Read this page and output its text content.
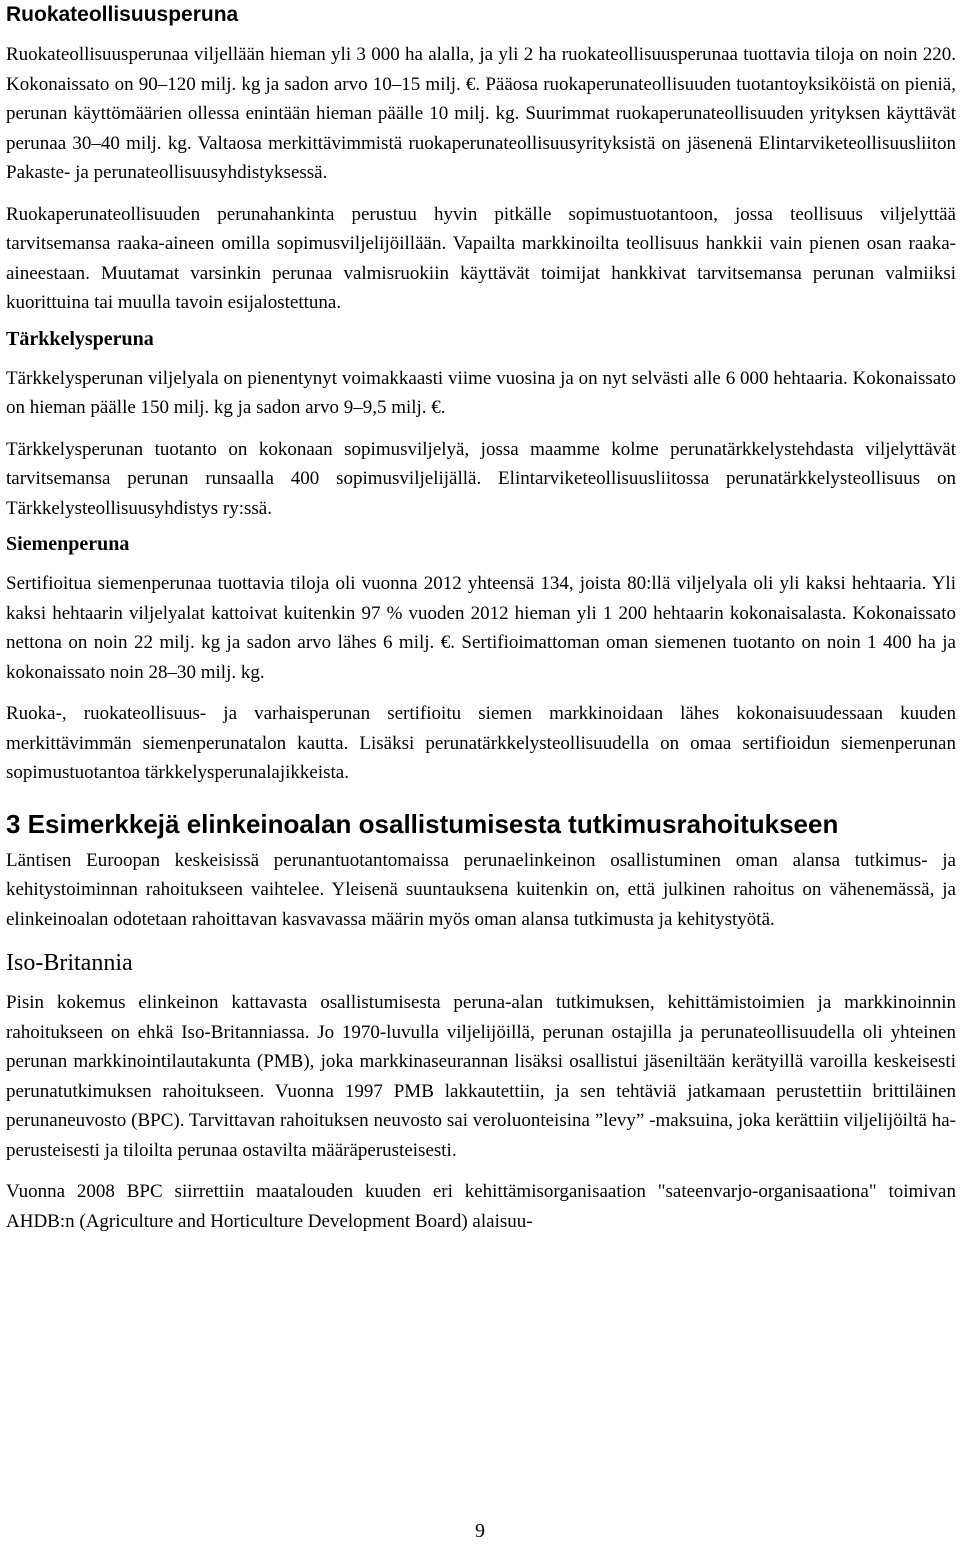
Ruokateollisuusperuna

Ruokateollisuusperunaa viljellään hieman yli 3 000 ha alalla, ja yli 2 ha ruokateollisuusperunaa tuottavia tiloja on noin 220. Kokonaissato on 90–120 milj. kg ja sadon arvo 10–15 milj. €. Pääosa ruokaperunateollisuuden tuotantoyksiköistä on pieniä, perunan käyttömäärien ollessa enintään hieman päälle 10 milj. kg. Suurimmat ruokaperunateollisuuden yrityksen käyttävät perunaa 30–40 milj. kg. Valtaosa merkittävimmistä ruokaperunateollisuusyrityksistä on jäsenenä Elintarviketeollisuusliiton Pakaste- ja perunateollisuusyhdistyksessä.

Ruokaperunateollisuuden perunahankinta perustuu hyvin pitkälle sopimustuotantoon, jossa teollisuus viljelyttää tarvitsemansa raaka-aineen omilla sopimusviljelijöillään. Vapailta markkinoilta teollisuus hankkii vain pienen osan raaka-aineestaan. Muutamat varsinkin perunaa valmisruokiin käyttävät toimijat hankkivat tarvitsemansa perunan valmiiksi kuorittuina tai muulla tavoin esijalostettuna.

Tärkkelysperuna

Tärkkelysperunan viljelyala on pienentynyt voimakkaasti viime vuosina ja on nyt selvästi alle 6 000 hehtaaria. Kokonaissato on hieman päälle 150 milj. kg ja sadon arvo 9–9,5 milj. €.

Tärkkelysperunan tuotanto on kokonaan sopimusviljelyä, jossa maamme kolme perunatärkkelystehdasta viljelyttävät tarvitsemansa perunan runsaalla 400 sopimusviljelijällä. Elintarviketeollisuusliitossa perunatärkkelysteollisuus on Tärkkelysteollisuusyhdistys ry:ssä.

Siemenperuna

Sertifioitua siemenperunaa tuottavia tiloja oli vuonna 2012 yhteensä 134, joista 80:llä viljelyala oli yli kaksi hehtaaria. Yli kaksi hehtaarin viljelyalat kattoivat kuitenkin 97 % vuoden 2012 hieman yli 1 200 hehtaarin kokonaisalasta. Kokonaissato nettona on noin 22 milj. kg ja sadon arvo lähes 6 milj. €. Sertifioimattoman oman siemenen tuotanto on noin 1 400 ha ja kokonaissato noin 28–30 milj. kg.

Ruoka-, ruokateollisuus- ja varhaisperunan sertifioitu siemen markkinoidaan lähes kokonaisuudessaan kuuden merkittävimmän siemenperunatalon kautta. Lisäksi perunatärkkelysteollisuudella on omaa sertifioidun siemenperunan sopimustuotantoa tärkkelysperunalajikkeista.

3 Esimerkkejä elinkeinoalan osallistumisesta tutkimusrahoitukseen

Läntisen Euroopan keskeisissä perunantuotantomaissa perunaelinkeinon osallistuminen oman alansa tutkimus- ja kehitystoiminnan rahoitukseen vaihtelee. Yleisenä suuntauksena kuitenkin on, että julkinen rahoitus on vähenemässä, ja elinkeinoalan odotetaan rahoittavan kasvavassa määrin myös oman alansa tutkimusta ja kehitystyötä.

Iso-Britannia

Pisin kokemus elinkeinon kattavasta osallistumisesta peruna-alan tutkimuksen, kehittämistoimien ja markkinoinnin rahoitukseen on ehkä Iso-Britanniassa. Jo 1970-luvulla viljelijöillä, perunan ostajilla ja perunateollisuudella oli yhteinen perunan markkinointilautakunta (PMB), joka markkinaseurannan lisäksi osallistui jäseniltään kerätyillä varoilla keskeisesti perunatutkimuksen rahoitukseen. Vuonna 1997 PMB lakkautettiin, ja sen tehtäviä jatkamaan perustettiin brittiläinen perunaneuvosto (BPC). Tarvittavan rahoituksen neuvosto sai veroluonteisina ”levy” -maksuina, joka kerättiin viljelijöiltä ha-perusteisesti ja tiloilta perunaa ostavilta määräperusteisesti.

Vuonna 2008 BPC siirrettiin maatalouden kuuden eri kehittämisorganisaation "sateenvarjo-organisaationa" toimivan AHDB:n (Agriculture and Horticulture Development Board) alaisuu-

9
